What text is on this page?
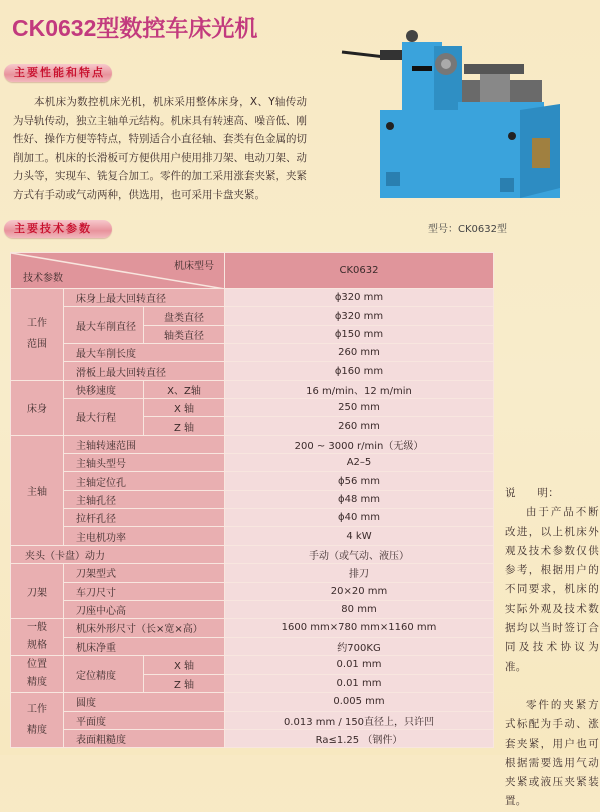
CK0632型数控车床光机
主要性能和特点
本机床为数控机床光机，机床采用整体床身，X、Y轴传动为导轨传动，独立主轴单元结构。机床具有转速高、噪音低、刚性好、操作方便等特点，特别适合小直径轴、套类有色金属的切削加工。机床的长滑板可方便供用户使用排刀架、电动刀架、动力头等，实现车、铣复合加工。零件的加工采用涨套夹紧，夹紧方式有手动或气动两种，供选用，也可采用卡盘夹紧。
主要技术参数	型号：CK0632型
机床型号
技术参数			CK0632
工作范围	床身上最大回转直径		ϕ320 mm
	最大车削直径	盘类直径	ϕ320 mm
		轴类直径	ϕ150 mm
	最大车削长度		260 mm
	滑板上最大回转直径		ϕ160 mm
床身	快移速度	X、Z轴	16 m/min、12 m/min
	最大行程	X 轴	250 mm
		Z 轴	260 mm
主轴	主轴转速范围		200 ~ 3000 r/min（无级）
	主轴头型号		A2–5
	主轴定位孔		ϕ56 mm
	主轴孔径		ϕ48 mm
	拉杆孔径		ϕ40 mm
	主电机功率		4 kW
夹头（卡盘）动力			手动（或气动、液压）
刀架	刀架型式		排刀
	车刀尺寸		20×20 mm
	刀座中心高		80 mm
一般规格	机床外形尺寸（长×宽×高）		1600 mm×780 mm×1160 mm
	机床净重		约700KG
位置精度	定位精度	X 轴	0.01 mm
		Z 轴	0.01 mm
工作精度	圆度		0.005 mm
	平面度		0.013 mm / 150直径上，只许凹
	表面粗糙度		Ra≤1.25 （钢件）

说　　明：

由于产品不断改进，以上机床外观及技术参数仅供参考，根据用户的不同要求，机床的实际外观及技术数据均以当时签订合同及技术协议为准。

零件的夹紧方式标配为手动、涨套夹紧，用户也可根据需要选用气动夹紧或液压夹紧装置。
